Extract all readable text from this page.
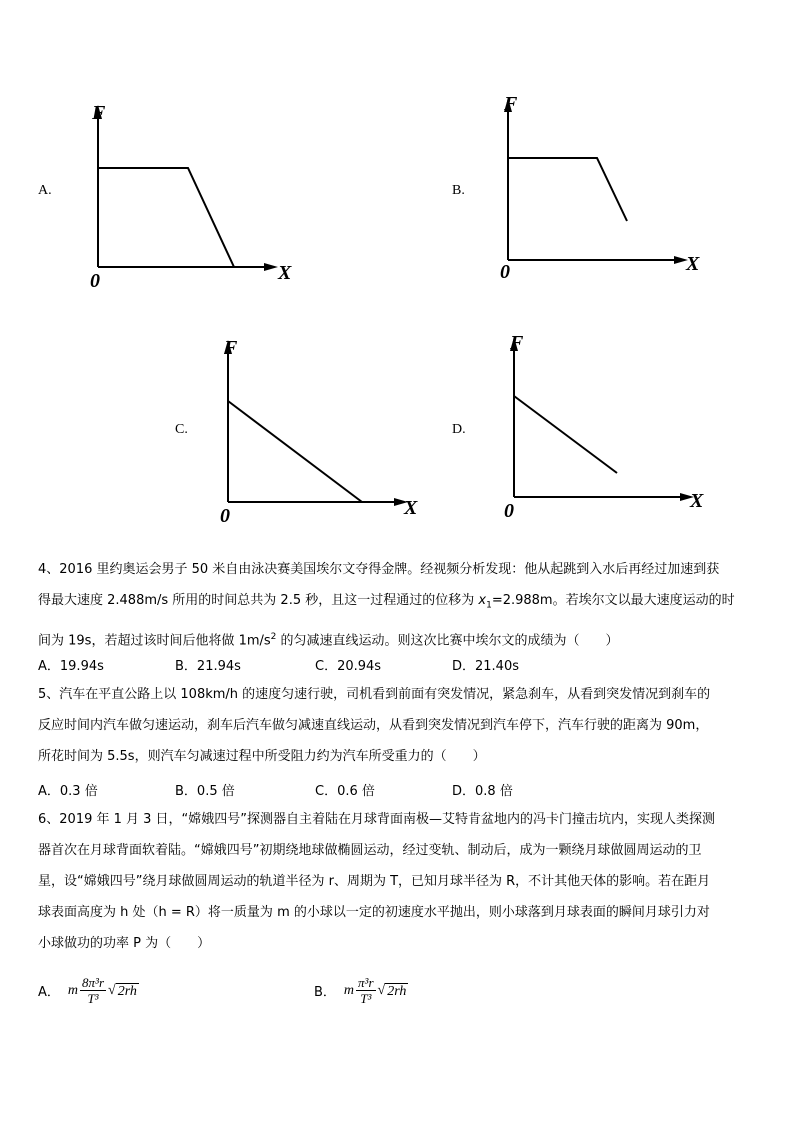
A.
F
X
0
B.
F
X
0
C.
F
X
0
D.
F
X
0
4、2016 里约奥运会男子 50 米自由泳决赛美国埃尔文夺得金牌。经视频分析发现：他从起跳到入水后再经过加速到获
得最大速度 2.488m/s 所用的时间总共为 2.5 秒，且这一过程通过的位移为 $x_1=2.988m$。若埃尔文以最大速度运动的时
间为 19s，若超过该时间后他将做 $1m/s^2$ 的匀减速直线运动。则这次比赛中埃尔文的成绩为（　　）
A．19.94s	B．21.94s	C．20.94s	D．21.40s
5、汽车在平直公路上以 108km/h 的速度匀速行驶，司机看到前面有突发情况，紧急刹车，从看到突发情况到刹车的
反应时间内汽车做匀速运动，刹车后汽车做匀减速直线运动，从看到突发情况到汽车停下，汽车行驶的距离为 90m，
所花时间为 5.5s，则汽车匀减速过程中所受阻力约为汽车所受重力的（　　）
A．0.3 倍	B．0.5 倍	C．0.6 倍	D．0.8 倍
6、2019 年 1 月 3 日，“嫦娥四号”探测器自主着陆在月球背面南极—艾特肯盆地内的冯卡门撞击坑内，实现人类探测
器首次在月球背面软着陆。“嫦娥四号”初期绕地球做椭圆运动，经过变轨、制动后，成为一颗绕月球做圆周运动的卫
星，设“嫦娥四号”绕月球做圆周运动的轨道半径为 r、周期为 T，已知月球半径为 R，不计其他天体的影响。若在距月
球表面高度为 h 处（h = R）将一质量为 m 的小球以一定的初速度水平抛出，则小球落到月球表面的瞬间月球引力对
小球做功的功率 P 为（　　）
A． m $\frac{\text{8π³r}}{\text{T³}}$ √ 2rh	B． m $\frac{\text{π³r}}{\text{T³}}$ √ 2rh
